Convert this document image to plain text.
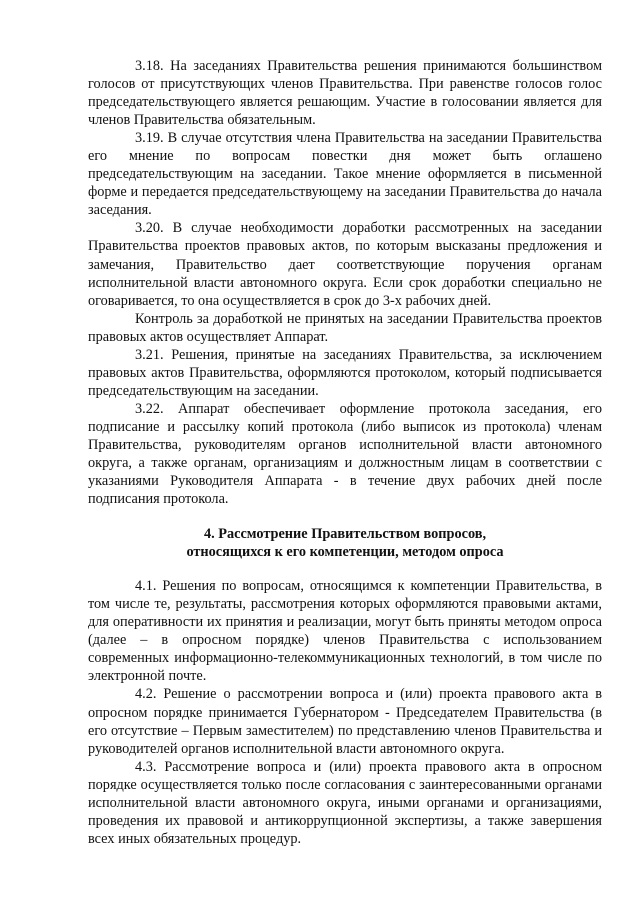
3.18. На заседаниях Правительства решения принимаются большинством голосов от присутствующих членов Правительства. При равенстве голосов голос председательствующего является решающим. Участие в голосовании является для членов Правительства обязательным.

3.19. В случае отсутствия члена Правительства на заседании Правительства его мнение по вопросам повестки дня может быть оглашено председательствующим на заседании. Такое мнение оформляется в письменной форме и передается председательствующему на заседании Правительства до начала заседания.

3.20. В случае необходимости доработки рассмотренных на заседании Правительства проектов правовых актов, по которым высказаны предложения и замечания, Правительство дает соответствующие поручения органам исполнительной власти автономного округа. Если срок доработки специально не оговаривается, то она осуществляется в срок до 3-х рабочих дней.

Контроль за доработкой не принятых на заседании Правительства проектов правовых актов осуществляет Аппарат.

3.21. Решения, принятые на заседаниях Правительства, за исключением правовых актов Правительства, оформляются протоколом, который подписывается председательствующим на заседании.

3.22. Аппарат обеспечивает оформление протокола заседания, его подписание и рассылку копий протокола (либо выписок из протокола) членам Правительства, руководителям органов исполнительной власти автономного округа, а также органам, организациям и должностным лицам в соответствии с указаниями Руководителя Аппарата - в течение двух рабочих дней после подписания протокола.

4. Рассмотрение Правительством вопросов,
относящихся к его компетенции, методом опроса

4.1. Решения по вопросам, относящимся к компетенции Правительства, в том числе те, результаты, рассмотрения которых оформляются правовыми актами, для оперативности их принятия и реализации, могут быть приняты методом опроса (далее – в опросном порядке) членов Правительства с использованием современных информационно-телекоммуникационных технологий, в том числе по электронной почте.

4.2. Решение о рассмотрении вопроса и (или) проекта правового акта в опросном порядке принимается Губернатором - Председателем Правительства (в его отсутствие – Первым заместителем) по представлению членов Правительства и руководителей органов исполнительной власти автономного округа.

4.3. Рассмотрение вопроса и (или) проекта правового акта в опросном порядке осуществляется только после согласования с заинтересованными органами исполнительной власти автономного округа, иными органами и организациями, проведения их правовой и антикоррупционной экспертизы, а также завершения всех иных обязательных процедур.
